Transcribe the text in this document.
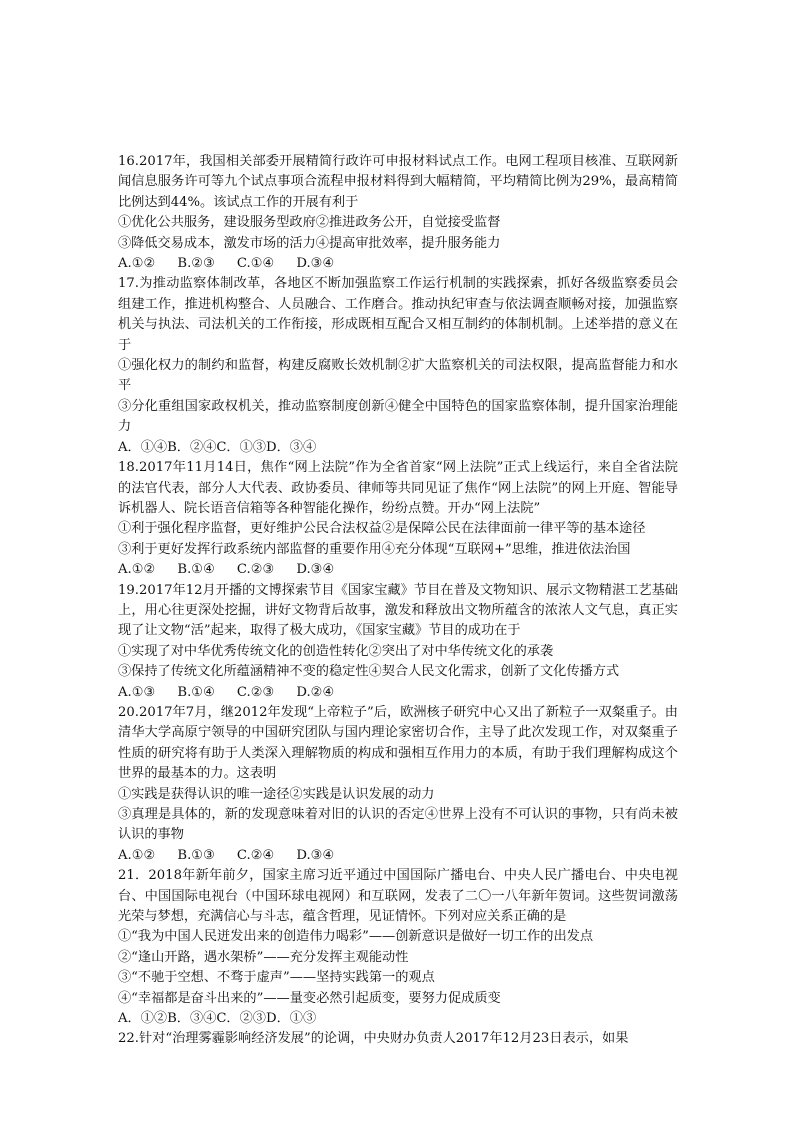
16.2017年，我国相关部委开展精简行政许可申报材料试点工作。电网工程项目核准、互联网新闻信息服务许可等九个试点事项合流程申报材料得到大幅精简，平均精简比例为29%，最高精简比例达到44%。该试点工作的开展有利于

①优化公共服务，建设服务型政府②推进政务公开，自觉接受监督

③降低交易成本，激发市场的活力④提高审批效率，提升服务能力

A.①② B.②③ C.①④ D.③④

17.为推动监察体制改革，各地区不断加强监察工作运行机制的实践探索，抓好各级监察委员会组建工作，推进机构整合、人员融合、工作磨合。推动执纪审查与依法调查顺畅对接，加强监察机关与执法、司法机关的工作衔接，形成既相互配合又相互制约的体制机制。上述举措的意义在于

①强化权力的制约和监督，构建反腐败长效机制②扩大监察机关的司法权限，提高监督能力和水平

③分化重组国家政权机关，推动监察制度创新④健全中国特色的国家监察体制，提升国家治理能力

A．①④B．②④C．①③D．③④

18.2017年11月14日，焦作“网上法院”作为全省首家“网上法院”正式上线运行，来自全省法院的法官代表，部分人大代表、政协委员、律师等共同见证了焦作“网上法院”的网上开庭、智能导诉机器人、院长语音信箱等各种智能化操作，纷纷点赞。开办“网上法院”

①利于强化程序监督，更好维护公民合法权益②是保障公民在法律面前一律平等的基本途径

③利于更好发挥行政系统内部监督的重要作用④充分体现“互联网+”思维，推进依法治国

A.①② B.①④ C.②③ D.③④

19.2017年12月开播的文博探索节目《国家宝藏》节目在普及文物知识、展示文物精湛工艺基础上，用心往更深处挖掘，讲好文物背后故事，激发和释放出文物所蕴含的浓浓人文气息，真正实现了让文物“活”起来，取得了极大成功，《国家宝藏》节目的成功在于

①实现了对中华优秀传统文化的创造性转化②突出了对中华传统文化的承袭

③保持了传统文化所蕴涵精神不变的稳定性④契合人民文化需求，创新了文化传播方式

A.①③ B.①④ C.②③ D.②④

20.2017年7月，继2012年发现“上帝粒子”后，欧洲核子研究中心又出了新粒子一双粲重子。由清华大学高原宁领导的中国研究团队与国内理论家密切合作，主导了此次发现工作，对双粲重子性质的研究将有助于人类深入理解物质的构成和强相互作用力的本质，有助于我们理解构成这个世界的最基本的力。这表明

①实践是获得认识的唯一途径②实践是认识发展的动力

③真理是具体的，新的发现意味着对旧的认识的否定④世界上没有不可认识的事物，只有尚未被认识的事物

A.①② B.①③ C.②④ D.③④

21．2018年新年前夕，国家主席习近平通过中国国际广播电台、中央人民广播电台、中央电视台、中国国际电视台（中国环球电视网）和互联网，发表了二〇一八年新年贺词。这些贺词激荡光荣与梦想，充满信心与斗志，蕴含哲理，见证情怀。下列对应关系正确的是

①“我为中国人民迸发出来的创造伟力喝彩”——创新意识是做好一切工作的出发点

②“逢山开路，遇水架桥”——充分发挥主观能动性

③“不驰于空想、不骛于虚声”——坚持实践第一的观点

④“幸福都是奋斗出来的”——量变必然引起质变，要努力促成质变

A．①②B．③④C．②③D．①③

22.针对“治理雾霾影响经济发展”的论调，中央财办负责人2017年12月23日表示，如果
